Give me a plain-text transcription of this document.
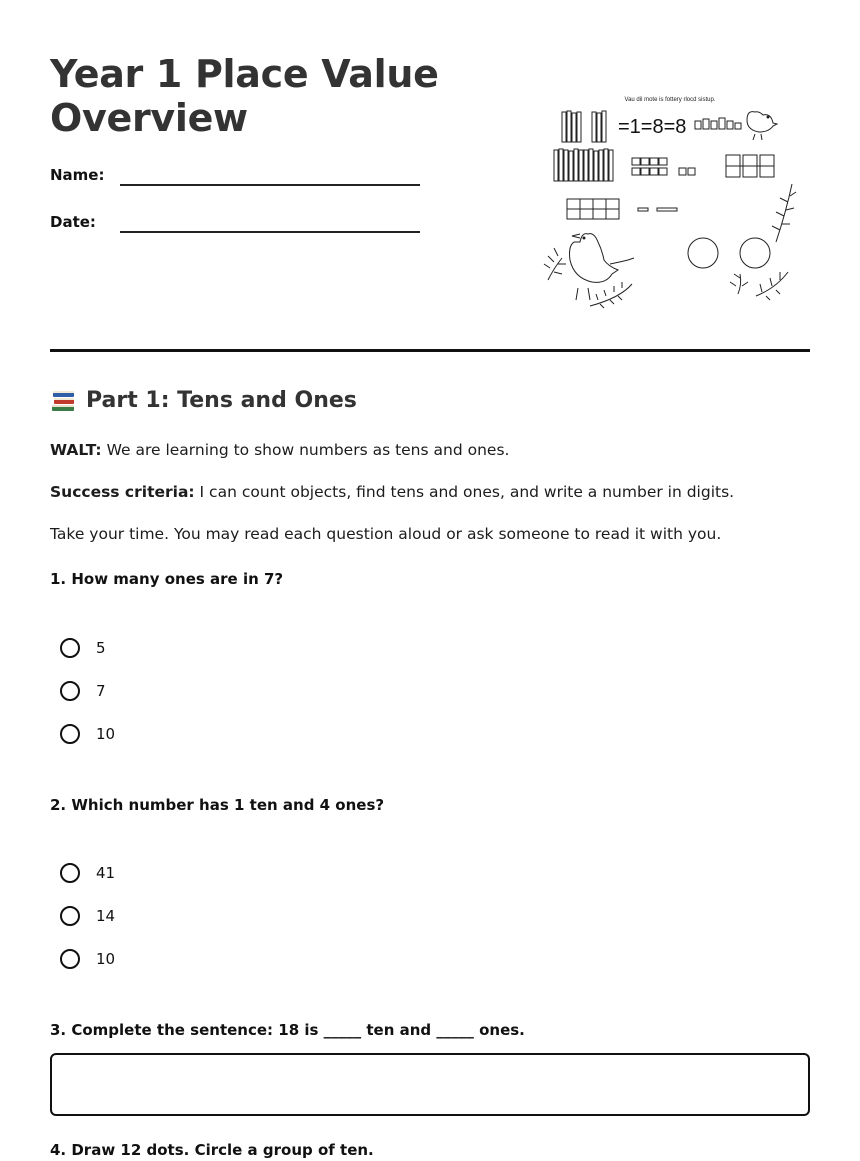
Year 1 Place Value
Overview
Name:
Date:
Vau dil mote is fottery rlocd sistup.
=1=8=8
Part 1: Tens and Ones

WALT: We are learning to show numbers as tens and ones.

Success criteria: I can count objects, find tens and ones, and write a number in digits.

Take your time. You may read each question aloud or ask someone to read it with you.

1. How many ones are in 7?

5
7
10

2. Which number has 1 ten and 4 ones?

41
14
10

3. Complete the sentence: 18 is _____ ten and _____ ones.

4. Draw 12 dots. Circle a group of ten.
